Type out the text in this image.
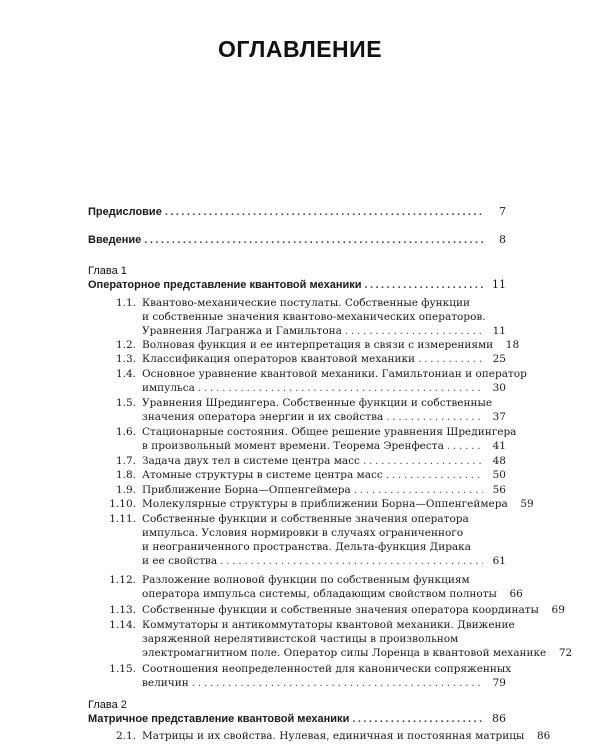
ОГЛАВЛЕНИЕ
Предисловие . . .	7
Введение . . .	8
Глава 1
Операторное представление квантовой механики . . .	11
1.1. Квантово-механические постулаты. Собственные функции
и собственные значения квантово-механических операторов.
Уравнения Лагранжа и Гамильтона . . .	11
1.2. Волновая функция и ее интерпретация в связи с измерениями	18
1.3. Классификация операторов квантовой механики . . .	25
1.4. Основное уравнение квантовой механики. Гамильтониан и оператор
импульса . . .	30
1.5. Уравнения Шредингера. Собственные функции и собственные
значения оператора энергии и их свойства . . .	37
1.6. Стационарные состояния. Общее решение уравнения Шредингера
в произвольный момент времени. Теорема Эренфеста . . .	41
1.7. Задача двух тел в системе центра масс . . .	48
1.8. Атомные структуры в системе центра масс . . .	50
1.9. Приближение Борна—Оппенгеймера . . .	56
1.10. Молекулярные структуры в приближении Борна—Оппенгеймера	59
1.11. Собственные функции и собственные значения оператора
импульса. Условия нормировки в случаях ограниченного
и неограниченного пространства. Дельта-функция Дирака
и ее свойства . . .	61
1.12. Разложение волновой функции по собственным функциям
оператора импульса системы, обладающим свойством полноты	66
1.13. Собственные функции и собственные значения оператора координаты	69
1.14. Коммутаторы и антикоммутаторы квантовой механики. Движение
заряженной нерелятивистской частицы в произвольном
электромагнитном поле. Оператор силы Лоренца в квантовой механике	72
1.15. Соотношения неопределенностей для канонически сопряженных
величин . . .	79
Глава 2
Матричное представление квантовой механики . . .	86
2.1. Матрицы и их свойства. Нулевая, единичная и постоянная матрицы	86
